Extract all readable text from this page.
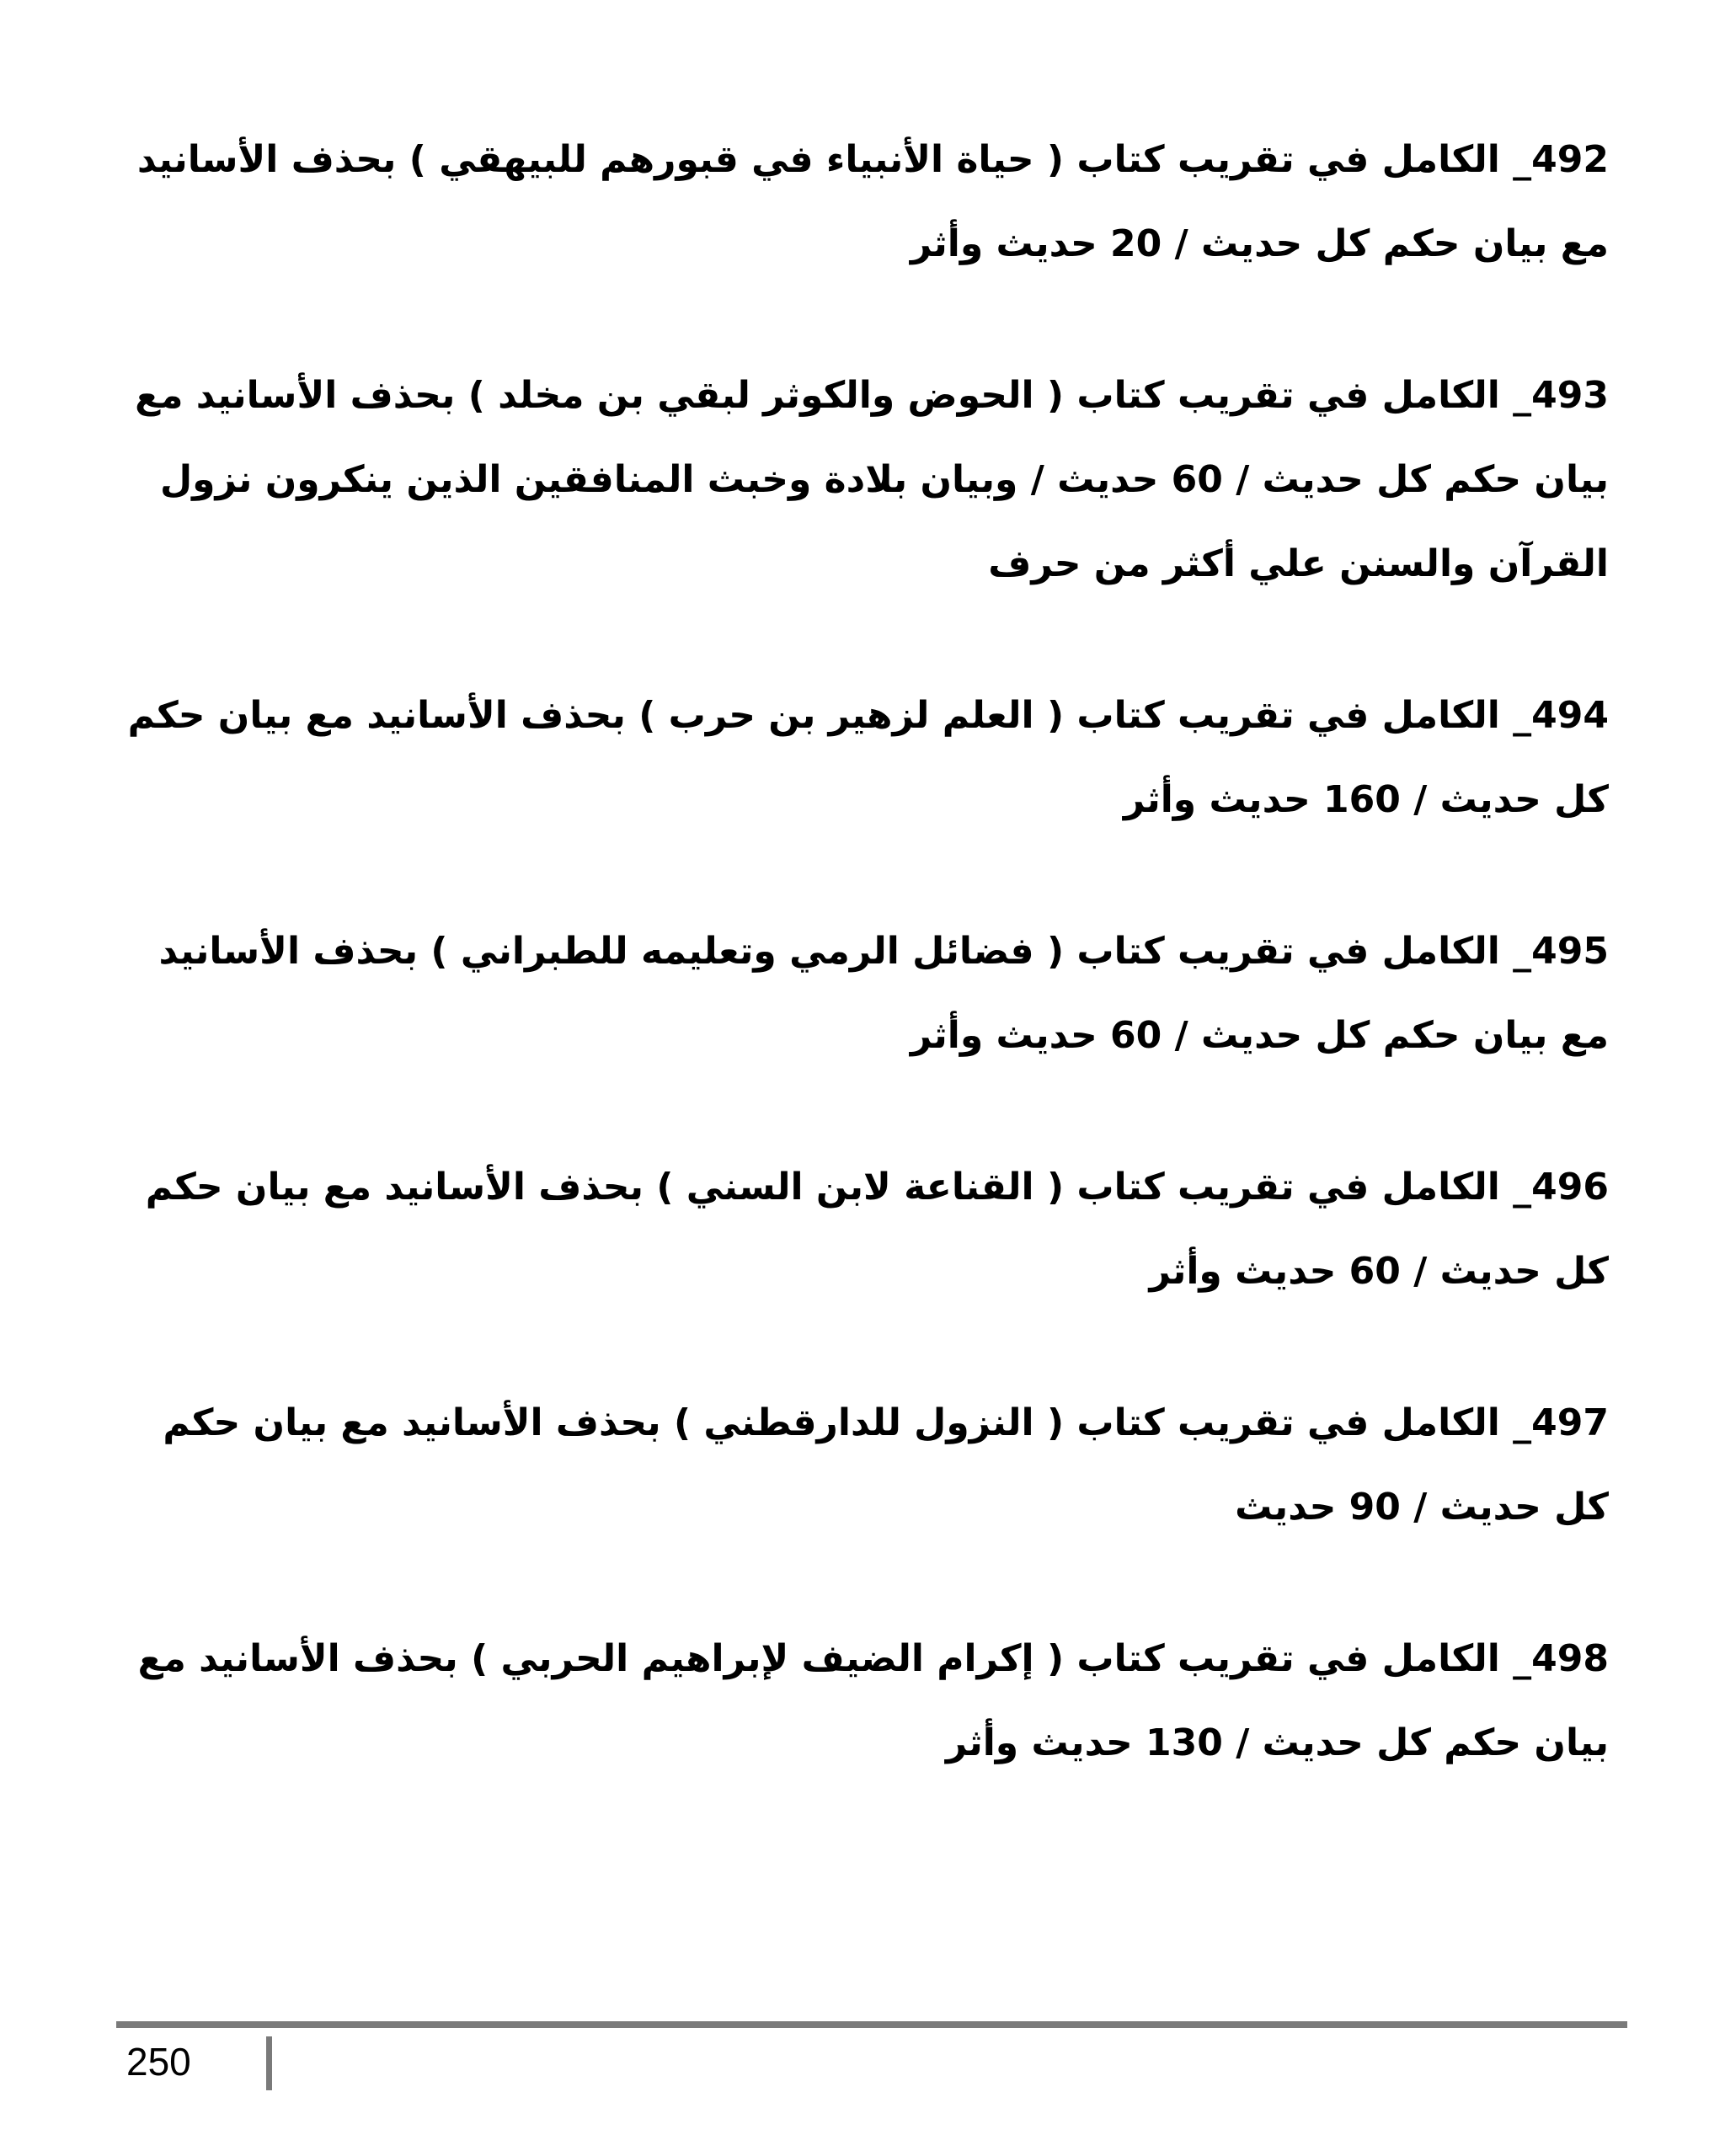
492_ الكامل في تقريب كتاب ( حياة الأنبياء في قبورهم للبيهقي ) بحذف الأسانيد مع بيان حكم كل حديث / 20 حديث وأثر

493_ الكامل في تقريب كتاب ( الحوض والكوثر لبقي بن مخلد ) بحذف الأسانيد مع بيان حكم كل حديث / 60 حديث / وبيان بلادة وخبث المنافقين الذين ينكرون نزول القرآن والسنن علي أكثر من حرف

494_ الكامل في تقريب كتاب ( العلم لزهير بن حرب ) بحذف الأسانيد مع بيان حكم كل حديث / 160 حديث وأثر

495_ الكامل في تقريب كتاب ( فضائل الرمي وتعليمه للطبراني ) بحذف الأسانيد مع بيان حكم كل حديث / 60 حديث وأثر

496_ الكامل في تقريب كتاب ( القناعة لابن السني ) بحذف الأسانيد مع بيان حكم كل حديث / 60 حديث وأثر

497_ الكامل في تقريب كتاب ( النزول للدارقطني ) بحذف الأسانيد مع بيان حكم كل حديث / 90 حديث

498_ الكامل في تقريب كتاب ( إكرام الضيف لإبراهيم الحربي ) بحذف الأسانيد مع بيان حكم كل حديث / 130 حديث وأثر

250
